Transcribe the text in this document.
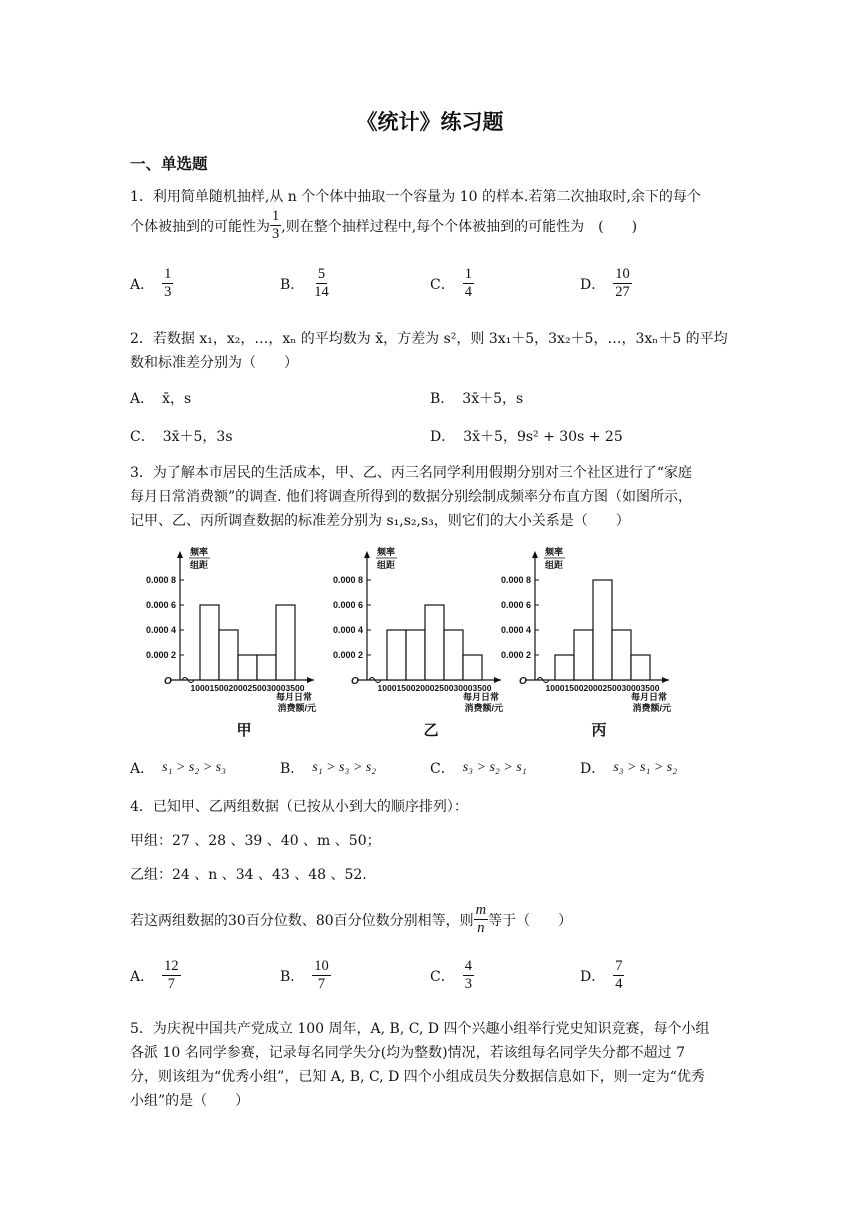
《统计》练习题
一、单选题
1．利用简单随机抽样,从 n 个个体中抽取一个容量为 10 的样本.若第二次抽取时,余下的每个
个体被抽到的可能性为 $\frac{1}{3}$ ,则在整个抽样过程中,每个个体被抽到的可能性为　(　　)
A． $\frac{1}{3}$	B． $\frac{5}{14}$	C． $\frac{1}{4}$	D． $\frac{10}{27}$
2．若数据 x₁，x₂，…，xₙ 的平均数为 x̄，方差为 s²，则 3x₁＋5，3x₂＋5，…，3xₙ＋5 的平均
数和标准差分别为（　　）
A． x̄，s	B． 3x̄＋5，s
C． 3x̄＋5，3s	D． 3x̄＋5，9s² + 30s + 25
3．为了解本市居民的生活成本，甲、乙、丙三名同学利用假期分别对三个社区进行了“家庭
每月日常消费额”的调查. 他们将调查所得到的数据分别绘制成频率分布直方图（如图所示，
记甲、乙、丙所调查数据的标准差分别为 s₁,s₂,s₃，则它们的大小关系是（　　）
0.000 2
0.000 4
0.000 6
0.000 8
O
频率
组距
1000 1500 2000 2500 3000 3500
每月日常
消费额/元
甲
0.000 2
0.000 4
0.000 6
0.000 8
O
频率
组距
1000 1500 2000 2500 3000 3500
每月日常
消费额/元
乙
0.000 2
0.000 4
0.000 6
0.000 8
O
频率
组距
1000 1500 2000 2500 3000 3500
每月日常
消费额/元
丙
A． s₁ > s₂ > s₃	B． s₁ > s₃ > s₂	C． s₃ > s₂ > s₁	D． s₃ > s₁ > s₂
4．已知甲、乙两组数据（已按从小到大的顺序排列）：
甲组：27 、28 、39 、40 、m 、50；
乙组：24 、n 、34 、43 、48 、52.
若这两组数据的30百分位数、80百分位数分别相等，则 $\frac{m}{n}$ 等于（　　）
A． $\frac{12}{7}$	B． $\frac{10}{7}$	C． $\frac{4}{3}$	D． $\frac{7}{4}$
5．为庆祝中国共产党成立 100 周年，A, B, C, D 四个兴趣小组举行党史知识竞赛，每个小组
各派 10 名同学参赛，记录每名同学失分(均为整数)情况，若该组每名同学失分都不超过 7
分，则该组为“优秀小组”，已知 A, B, C, D 四个小组成员失分数据信息如下，则一定为“优秀
小组”的是（　　）
